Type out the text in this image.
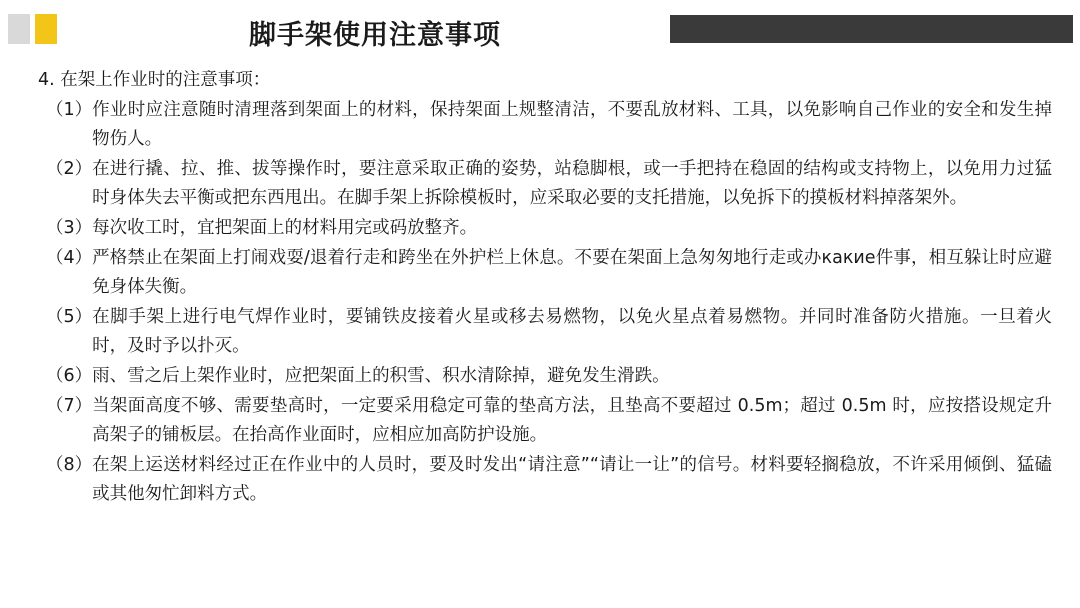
脚手架使用注意事项

4. 在架上作业时的注意事项：

（1） 作业时应注意随时清理落到架面上的材料，保持架面上规整清洁，不要乱放材料、工具，以免影响自己作业的安全和发生掉物伤人。
（2） 在进行撬、拉、推、拔等操作时，要注意采取正确的姿势，站稳脚根，或一手把持在稳固的结构或支持物上，以免用力过猛时身体失去平衡或把东西甩出。在脚手架上拆除模板时，应采取必要的支托措施，以免拆下的摸板材料掉落架外。
（3） 每次收工时，宜把架面上的材料用完或码放整齐。
（4） 严格禁止在架面上打闹戏耍/退着行走和跨坐在外护栏上休息。不要在架面上急匆匆地行走或办какие件事，相互躲让时应避免身体失衡。
（5） 在脚手架上进行电气焊作业时，要铺铁皮接着火星或移去易燃物，以免火星点着易燃物。并同时准备防火措施。一旦着火时，及时予以扑灭。
（6） 雨、雪之后上架作业时，应把架面上的积雪、积水清除掉，避免发生滑跌。
（7） 当架面高度不够、需要垫高时，一定要采用稳定可靠的垫高方法，且垫高不要超过 0.5m；超过 0.5m 时，应按搭设规定升高架子的铺板层。在抬高作业面时，应相应加高防护设施。
（8） 在架上运送材料经过正在作业中的人员时，要及时发出“请注意”“请让一让”的信号。材料要轻搁稳放，不许采用倾倒、猛磕或其他匆忙卸料方式。
